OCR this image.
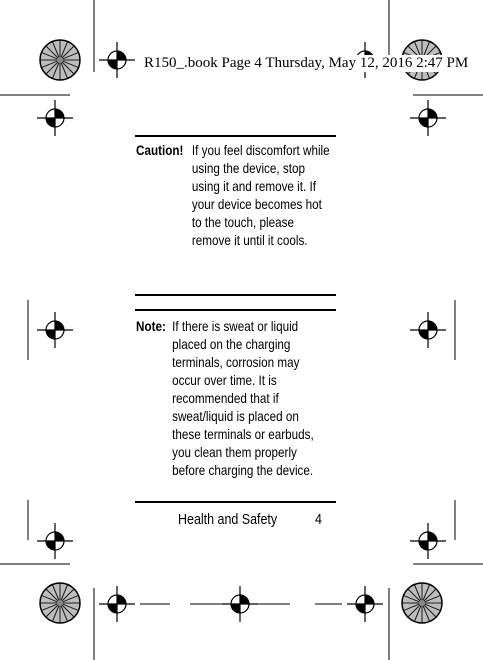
R150_.book Page 4 Thursday, May 12, 2016 2:47 PM
Caution! If you feel discomfort while using the device, stop using it and remove it. If your device becomes hot to the touch, please remove it until it cools.
Note: If there is sweat or liquid placed on the charging terminals, corrosion may occur over time. It is recommended that if sweat/liquid is placed on these terminals or earbuds, you clean them properly before charging the device.
Health and Safety	4
